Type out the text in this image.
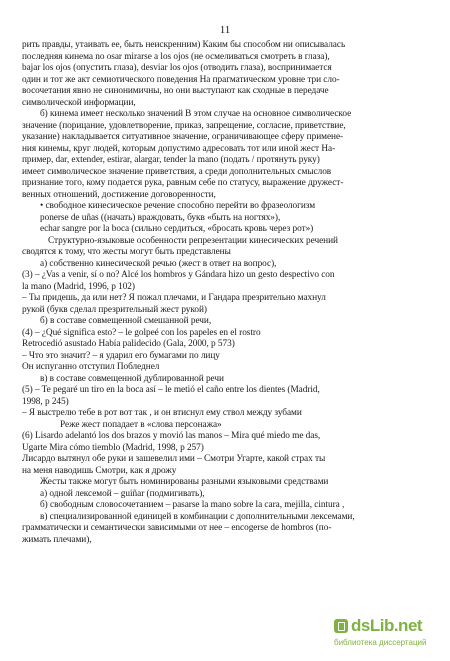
11
рить правды, утаивать ее, быть неискренним) Каким бы способом ни описывалась
последняя кинема no osar mirarse a los ojos (не осмеливаться смотреть в глаза),
bajar los ojos (опустить глаза), desviar los ojos (отводить глаза), воспринимается
один и тот же акт семиотического поведения На прагматическом уровне три сло-
восочетания явно не синонимичны, но они выступают как сходные в передаче
символической информации,
б) кинема имеет несколько значений В этом случае на основное символическое
значение (порицание, удовлетворение, приказ, запрещение, согласие, приветствие,
указание) накладывается ситуативное значение, ограничивающее сферу примене-
ния кинемы, круг людей, которым допустимо адресовать тот или иной жест На-
пример, dar, extender, estirar, alargar, tender la mano (подать / протянуть руку)
имеет символическое значение приветствия, а среди дополнительных смыслов
признание того, кому подается рука, равным себе по статусу, выражение дружест-
венных отношений, достижение договоренности,
• свободное кинесическое речение способно перейти во фразеологизм
ponerse de uñas ((начать) враждовать, букв «быть на ногтях»),
echar sangre por la boca (сильно сердиться, «бросать кровь через рот»)
Структурно-языковые особенности репрезентации кинесических речений
сводятся к тому, что жесты могут быть представлены
а) собственно кинесической речью (жест в ответ на вопрос),
(3) – ¿Vas a venir, sí o no? Alcé los hombros y Gándara hizo un gesto despectivo con
la mano (Madrid, 1996, p 102)
– Ты придешь, да или нет? Я пожал плечами, и Гандара презрительно махнул
рукой (букв сделал презрительный жест рукой)
б) в составе совмещенной смешанной речи,
(4) – ¿Qué significa esto? – le golpeé con los papeles en el rostro
Retrocedió asustado Había palidecido (Gala, 2000, p 573)
– Что это значит? – я ударил его бумагами по лицу
Он испуганно отступил Побледнел
в) в составе совмещенной дублированной речи
(5) – Te pegaré un tiro en la boca así – le metió el caño entre los dientes (Madrid,
1998, p 245)
– Я выстрелю тебе в рот вот так , и он втиснул ему ствол между зубами
Реже жест попадает в «слова персонажа»
(6) Lisardo adelantó los dos brazos y movió las manos – Mira qué miedo me das,
Ugarte Mira cómo tiemblo (Madrid, 1998, p 257)
Лисардо вытянул обе руки и зашевелил ими – Смотри Угарте, какой страх ты
на меня наводишь Смотри, как я дрожу
Жесты также могут быть номинированы разными языковыми средствами
а) одной лексемой – guiñar (подмигивать),
б) свободным словосочетанием – pasarse la mano sobre la cara, mejilla, cintura ,
в) специализированной единицей в комбинации с дополнительными лексемами,
грамматически и семантически зависимыми от нее – encogerse de hombros (по-
жимать плечами),
dsLib.net
библиотека диссертаций
